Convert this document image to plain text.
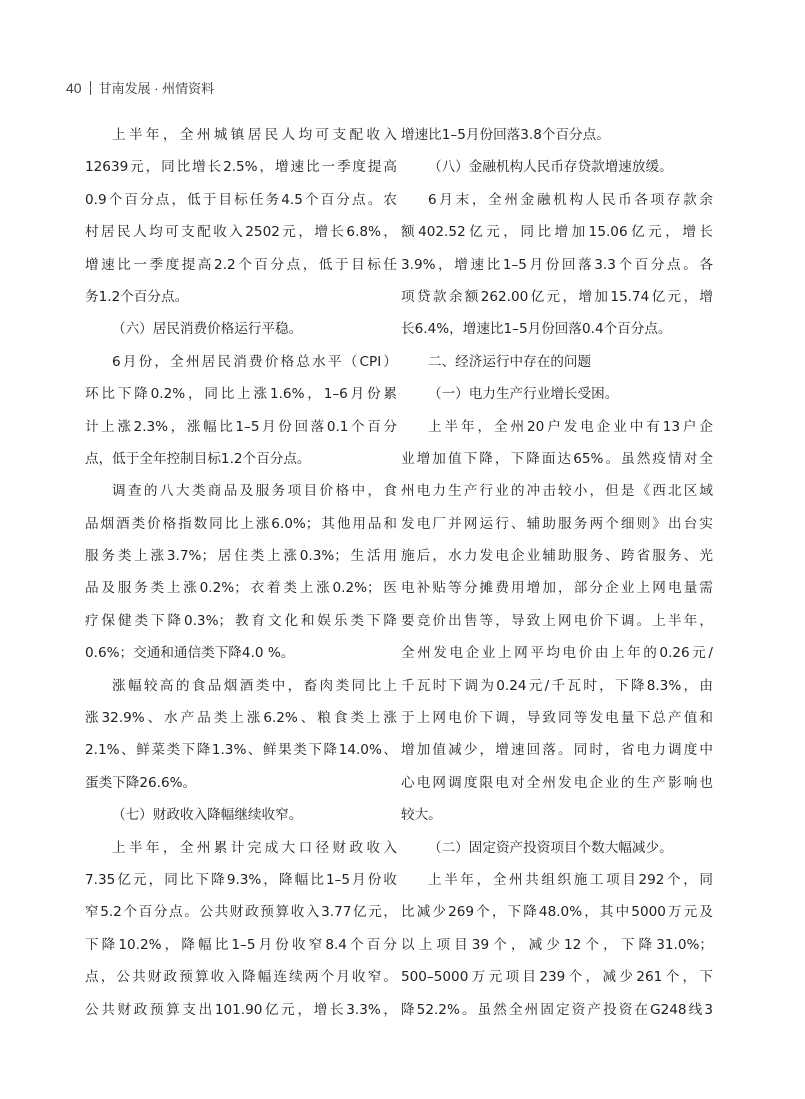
40 甘南发展 · 州情资料
上半年，全州城镇居民人均可支配收入
12639元，同比增长2.5%，增速比一季度提高
0.9个百分点，低于目标任务4.5个百分点。农
村居民人均可支配收入2502元，增长6.8%，
增速比一季度提高2.2个百分点，低于目标任
务1.2个百分点。
（六）居民消费价格运行平稳。
6月份，全州居民消费价格总水平（CPI）
环比下降0.2%，同比上涨1.6%，1–6月份累
计上涨2.3%，涨幅比1–5月份回落0.1个百分
点，低于全年控制目标1.2个百分点。
调查的八大类商品及服务项目价格中，食
品烟酒类价格指数同比上涨6.0%；其他用品和
服务类上涨3.7%；居住类上涨0.3%；生活用
品及服务类上涨0.2%；衣着类上涨0.2%；医
疗保健类下降0.3%；教育文化和娱乐类下降
0.6%；交通和通信类下降4.0 %。
涨幅较高的食品烟酒类中，畜肉类同比上
涨32.9%、水产品类上涨6.2%、粮食类上涨
2.1%、鲜菜类下降1.3%、鲜果类下降14.0%、
蛋类下降26.6%。
（七）财政收入降幅继续收窄。
上半年，全州累计完成大口径财政收入
7.35亿元，同比下降9.3%，降幅比1–5月份收
窄5.2个百分点。公共财政预算收入3.77亿元，
下降10.2%，降幅比1–5月份收窄8.4个百分
点，公共财政预算收入降幅连续两个月收窄。
公共财政预算支出101.90亿元，增长3.3%，
增速比1–5月份回落3.8个百分点。
（八）金融机构人民币存贷款增速放缓。
6月末，全州金融机构人民币各项存款余
额402.52亿元，同比增加15.06亿元，增长
3.9%，增速比1–5月份回落3.3个百分点。各
项贷款余额262.00亿元，增加15.74亿元，增
长6.4%，增速比1–5月份回落0.4个百分点。
二、经济运行中存在的问题
（一）电力生产行业增长受困。
上半年，全州20户发电企业中有13户企
业增加值下降，下降面达65%。虽然疫情对全
州电力生产行业的冲击较小，但是《西北区域
发电厂并网运行、辅助服务两个细则》出台实
施后，水力发电企业辅助服务、跨省服务、光
电补贴等分摊费用增加，部分企业上网电量需
要竞价出售等，导致上网电价下调。上半年，
全州发电企业上网平均电价由上年的0.26元/
千瓦时下调为0.24元/千瓦时，下降8.3%，由
于上网电价下调，导致同等发电量下总产值和
增加值减少，增速回落。同时，省电力调度中
心电网调度限电对全州发电企业的生产影响也
较大。
（二）固定资产投资项目个数大幅减少。
上半年，全州共组织施工项目292个，同
比减少269个，下降48.0%，其中5000万元及
以上项目39个，减少12个，下降31.0%；
500–5000万元项目239个，减少261个，下
降52.2%。虽然全州固定资产投资在G248线3
